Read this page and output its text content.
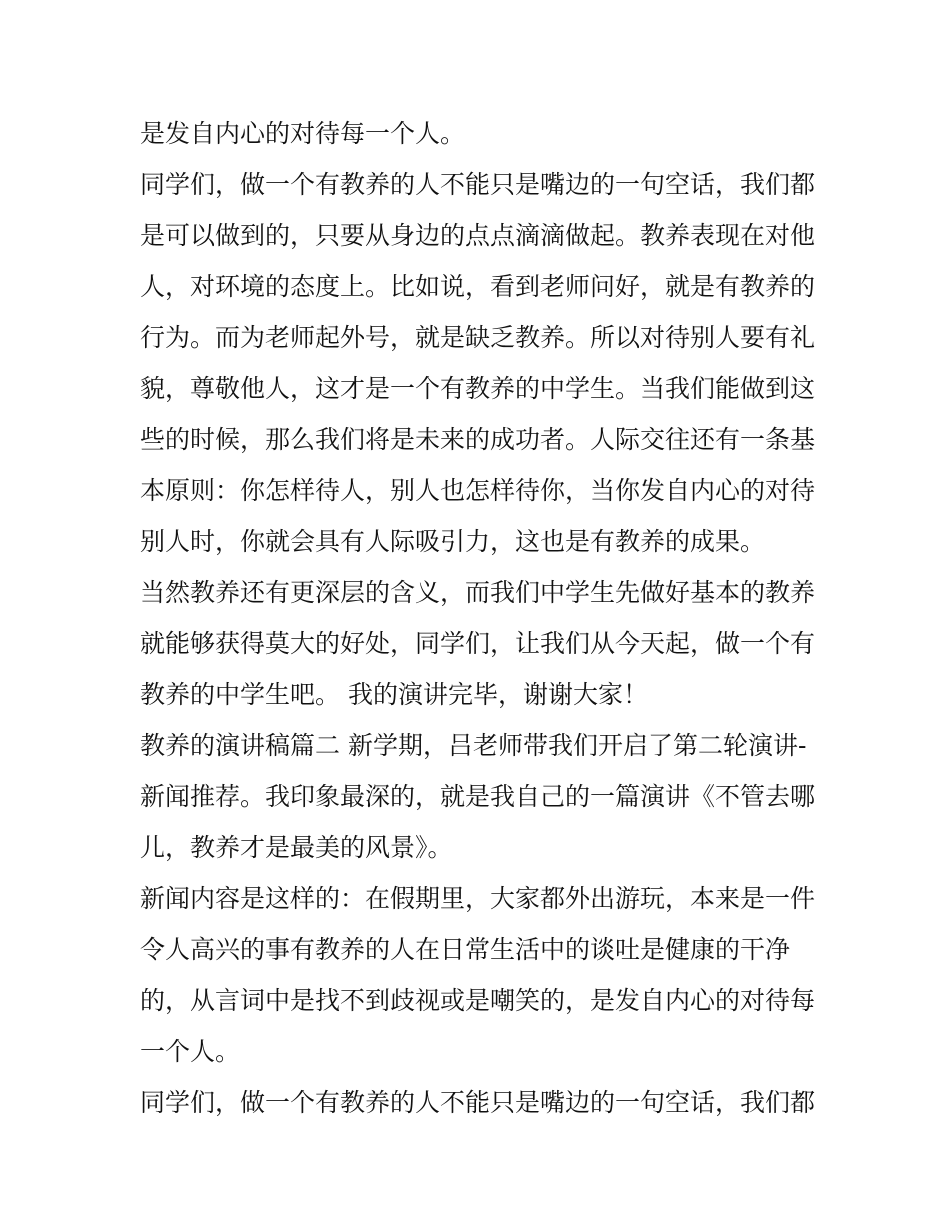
是发自内心的对待每一个人。
同学们，做一个有教养的人不能只是嘴边的一句空话，我们都
是可以做到的，只要从身边的点点滴滴做起。教养表现在对他
人，对环境的态度上。比如说，看到老师问好，就是有教养的
行为。而为老师起外号，就是缺乏教养。所以对待别人要有礼
貌，尊敬他人，这才是一个有教养的中学生。当我们能做到这
些的时候，那么我们将是未来的成功者。人际交往还有一条基
本原则：你怎样待人，别人也怎样待你，当你发自内心的对待
别人时，你就会具有人际吸引力，这也是有教养的成果。
当然教养还有更深层的含义，而我们中学生先做好基本的教养
就能够获得莫大的好处，同学们，让我们从今天起，做一个有
教养的中学生吧。 我的演讲完毕，谢谢大家！
教养的演讲稿篇二 新学期，吕老师带我们开启了第二轮演讲-
新闻推荐。我印象最深的，就是我自己的一篇演讲《不管去哪
儿，教养才是最美的风景》。
新闻内容是这样的：在假期里，大家都外出游玩，本来是一件
令人高兴的事有教养的人在日常生活中的谈吐是健康的干净
的，从言词中是找不到歧视或是嘲笑的，是发自内心的对待每
一个人。
同学们，做一个有教养的人不能只是嘴边的一句空话，我们都
